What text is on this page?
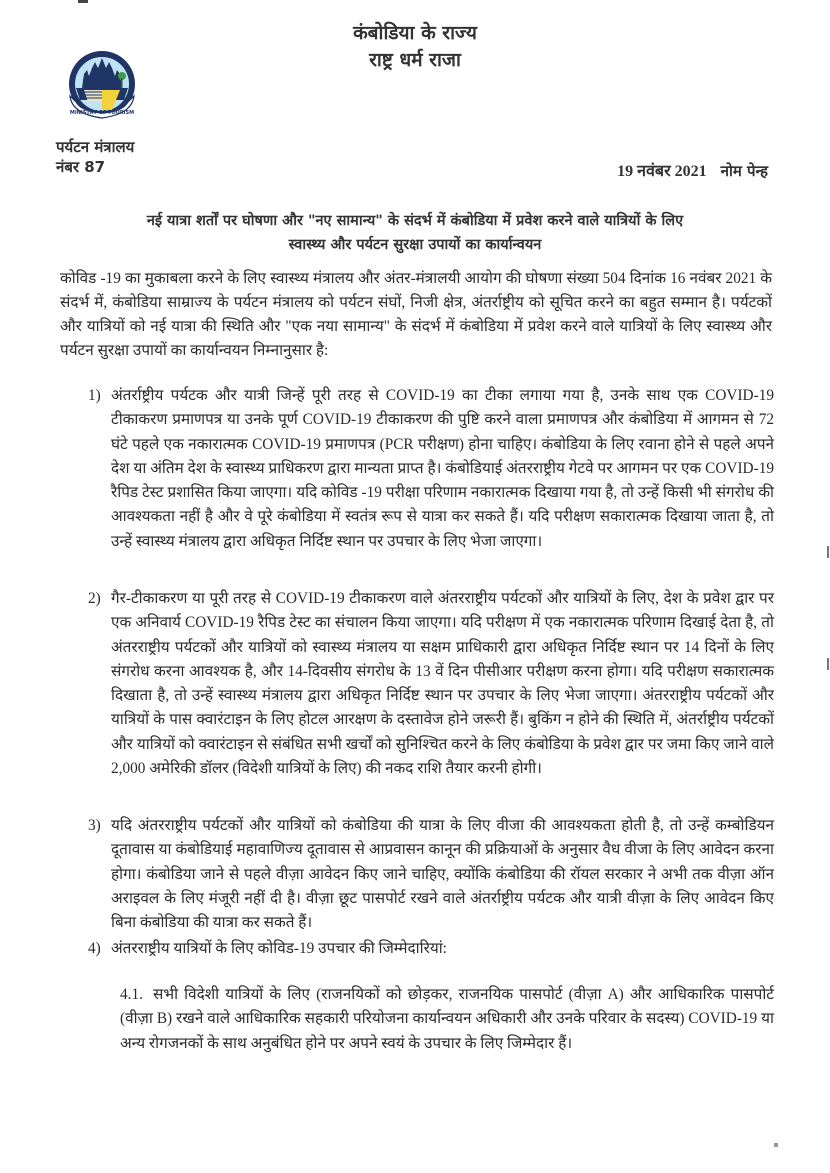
कंबोडिया के राज्य
राष्ट्र धर्म राजा
MINISTRY OF TOURISM
पर्यटन मंत्रालय
नंबर 87	19 नवंबर 2021 नोम पेन्ह
नई यात्रा शर्तों पर घोषणा और "नए सामान्य" के संदर्भ में कंबोडिया में प्रवेश करने वाले यात्रियों के लिए
स्वास्थ्य और पर्यटन सुरक्षा उपायों का कार्यान्वयन
कोविड -19 का मुकाबला करने के लिए स्वास्थ्य मंत्रालय और अंतर-मंत्रालयी आयोग की घोषणा संख्या 504 दिनांक 16 नवंबर 2021 के संदर्भ में, कंबोडिया साम्राज्य के पर्यटन मंत्रालय को पर्यटन संघों, निजी क्षेत्र, अंतर्राष्ट्रीय को सूचित करने का बहुत सम्मान है। पर्यटकों और यात्रियों को नई यात्रा की स्थिति और "एक नया सामान्य" के संदर्भ में कंबोडिया में प्रवेश करने वाले यात्रियों के लिए स्वास्थ्य और पर्यटन सुरक्षा उपायों का कार्यान्वयन निम्नानुसार है:
1) अंतर्राष्ट्रीय पर्यटक और यात्री जिन्हें पूरी तरह से COVID-19 का टीका लगाया गया है, उनके साथ एक COVID-19 टीकाकरण प्रमाणपत्र या उनके पूर्ण COVID-19 टीकाकरण की पुष्टि करने वाला प्रमाणपत्र और कंबोडिया में आगमन से 72 घंटे पहले एक नकारात्मक COVID-19 प्रमाणपत्र (PCR परीक्षण) होना चाहिए। कंबोडिया के लिए रवाना होने से पहले अपने देश या अंतिम देश के स्वास्थ्य प्राधिकरण द्वारा मान्यता प्राप्त है। कंबोडियाई अंतरराष्ट्रीय गेटवे पर आगमन पर एक COVID-19 रैपिड टेस्ट प्रशासित किया जाएगा। यदि कोविड -19 परीक्षा परिणाम नकारात्मक दिखाया गया है, तो उन्हें किसी भी संगरोध की आवश्यकता नहीं है और वे पूरे कंबोडिया में स्वतंत्र रूप से यात्रा कर सकते हैं। यदि परीक्षण सकारात्मक दिखाया जाता है, तो उन्हें स्वास्थ्य मंत्रालय द्वारा अधिकृत निर्दिष्ट स्थान पर उपचार के लिए भेजा जाएगा।
2) गैर-टीकाकरण या पूरी तरह से COVID-19 टीकाकरण वाले अंतरराष्ट्रीय पर्यटकों और यात्रियों के लिए, देश के प्रवेश द्वार पर एक अनिवार्य COVID-19 रैपिड टेस्ट का संचालन किया जाएगा। यदि परीक्षण में एक नकारात्मक परिणाम दिखाई देता है, तो अंतरराष्ट्रीय पर्यटकों और यात्रियों को स्वास्थ्य मंत्रालय या सक्षम प्राधिकारी द्वारा अधिकृत निर्दिष्ट स्थान पर 14 दिनों के लिए संगरोध करना आवश्यक है, और 14-दिवसीय संगरोध के 13 वें दिन पीसीआर परीक्षण करना होगा। यदि परीक्षण सकारात्मक दिखाता है, तो उन्हें स्वास्थ्य मंत्रालय द्वारा अधिकृत निर्दिष्ट स्थान पर उपचार के लिए भेजा जाएगा। अंतरराष्ट्रीय पर्यटकों और यात्रियों के पास क्वारंटाइन के लिए होटल आरक्षण के दस्तावेज होने जरूरी हैं। बुकिंग न होने की स्थिति में, अंतर्राष्ट्रीय पर्यटकों और यात्रियों को क्वारंटाइन से संबंधित सभी खर्चों को सुनिश्चित करने के लिए कंबोडिया के प्रवेश द्वार पर जमा किए जाने वाले 2,000 अमेरिकी डॉलर (विदेशी यात्रियों के लिए) की नकद राशि तैयार करनी होगी।
3) यदि अंतरराष्ट्रीय पर्यटकों और यात्रियों को कंबोडिया की यात्रा के लिए वीजा की आवश्यकता होती है, तो उन्हें कम्बोडियन दूतावास या कंबोडियाई महावाणिज्य दूतावास से आप्रवासन कानून की प्रक्रियाओं के अनुसार वैध वीजा के लिए आवेदन करना होगा। कंबोडिया जाने से पहले वीज़ा आवेदन किए जाने चाहिए, क्योंकि कंबोडिया की रॉयल सरकार ने अभी तक वीज़ा ऑन अराइवल के लिए मंजूरी नहीं दी है। वीज़ा छूट पासपोर्ट रखने वाले अंतर्राष्ट्रीय पर्यटक और यात्री वीज़ा के लिए आवेदन किए बिना कंबोडिया की यात्रा कर सकते हैं।
4) अंतरराष्ट्रीय यात्रियों के लिए कोविड-19 उपचार की जिम्मेदारियां:
4.1. सभी विदेशी यात्रियों के लिए (राजनयिकों को छोड़कर, राजनयिक पासपोर्ट (वीज़ा A) और आधिकारिक पासपोर्ट (वीज़ा B) रखने वाले आधिकारिक सहकारी परियोजना कार्यान्वयन अधिकारी और उनके परिवार के सदस्य) COVID-19 या अन्य रोगजनकों के साथ अनुबंधित होने पर अपने स्वयं के उपचार के लिए जिम्मेदार हैं।
